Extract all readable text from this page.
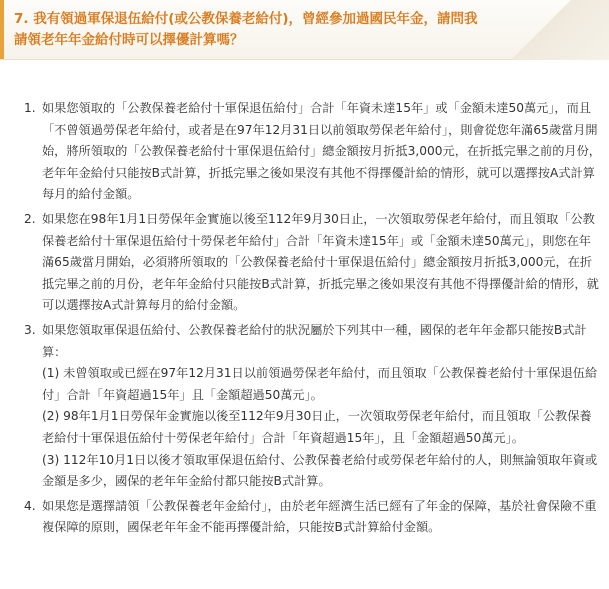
7. 我有領過軍保退伍給付(或公教保養老給付)，曾經參加過國民年金，請問我請領老年年金給付時可以擇優計算嗎？
1. 如果您領取的「公教保養老給付十軍保退伍給付」合計「年資未達15年」或「金額未達50萬元」，而且「不曾領過勞保老年給付，或者是在97年12月31日以前領取勞保老年給付」，則會從您年滿65歲當月開始，將所領取的「公教保養老給付十軍保退伍給付」總金額按月折抵3,000元，在折抵完畢之前的月份，老年年金給付只能按B式計算，折抵完畢之後如果沒有其他不得擇優計給的情形，就可以選擇按A式計算每月的給付金額。
2. 如果您在98年1月1日勞保年金實施以後至112年9月30日止，一次領取勞保老年給付，而且領取「公教保養老給付十軍保退伍給付十勞保老年給付」合計「年資未達15年」或「金額未達50萬元」，則您在年滿65歲當月開始，必須將所領取的「公教保養老給付十軍保退伍給付」總金額按月折抵3,000元，在折抵完畢之前的月份，老年年金給付只能按B式計算，折抵完畢之後如果沒有其他不得擇優計給的情形，就可以選擇按A式計算每月的給付金額。
3. 如果您領取軍保退伍給付、公教保養老給付的狀況屬於下列其中一種，國保的老年年金都只能按B式計算：
(1) 未曾領取或已經在97年12月31日以前領過勞保老年給付，而且領取「公教保養老給付十軍保退伍給付」合計「年資超過15年」且「金額超過50萬元」。
(2) 98年1月1日勞保年金實施以後至112年9月30日止，一次領取勞保老年給付，而且領取「公教保養老給付十軍保退伍給付十勞保老年給付」合計「年資超過15年」，且「金額超過50萬元」。
(3) 112年10月1日以後才領取軍保退伍給付、公教保養老給付或勞保老年給付的人，則無論領取年資或金額是多少，國保的老年年金給付都只能按B式計算。
4. 如果您是選擇請領「公教保養老年金給付」，由於老年經濟生活已經有了年金的保障，基於社會保險不重複保障的原則，國保老年年金不能再擇優計給，只能按B式計算給付金額。
